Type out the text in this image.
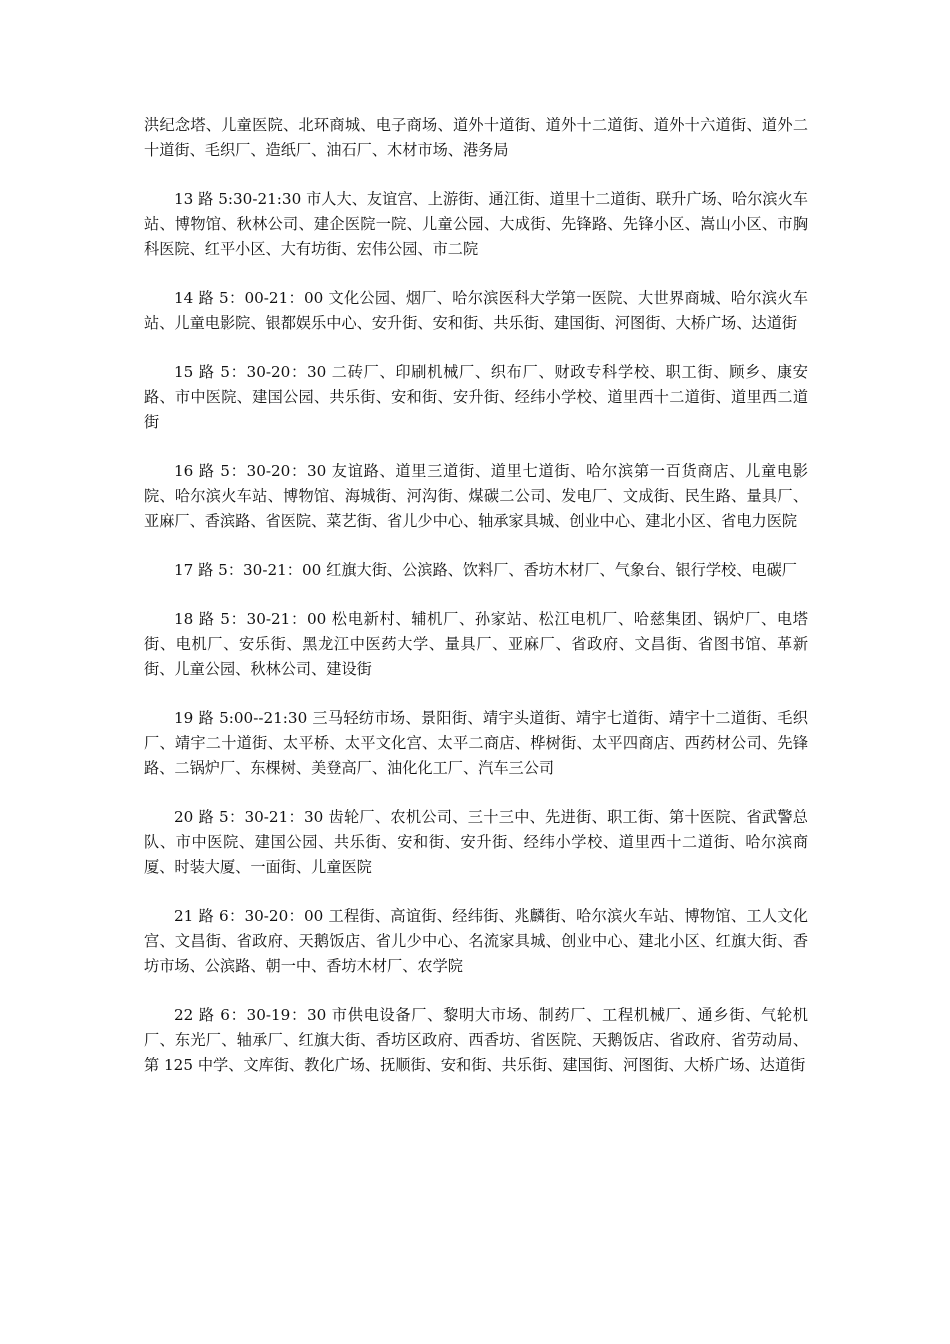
洪纪念塔、儿童医院、北环商城、电子商场、道外十道街、道外十二道街、道外十六道街、道外二十道街、毛织厂、造纸厂、油石厂、木材市场、港务局

13 路 5:30-21:30 市人大、友谊宫、上游街、通江街、道里十二道街、联升广场、哈尔滨火车站、博物馆、秋林公司、建企医院一院、儿童公园、大成街、先锋路、先锋小区、嵩山小区、市胸科医院、红平小区、大有坊街、宏伟公园、市二院

14 路 5：00-21：00 文化公园、烟厂、哈尔滨医科大学第一医院、大世界商城、哈尔滨火车站、儿童电影院、银都娱乐中心、安升街、安和街、共乐街、建国街、河图街、大桥广场、达道街

15 路 5：30-20：30 二砖厂、印刷机械厂、织布厂、财政专科学校、职工街、顾乡、康安路、市中医院、建国公园、共乐街、安和街、安升街、经纬小学校、道里西十二道街、道里西二道街

16 路 5：30-20：30 友谊路、道里三道街、道里七道街、哈尔滨第一百货商店、儿童电影院、哈尔滨火车站、博物馆、海城街、河沟街、煤碳二公司、发电厂、文成街、民生路、量具厂、亚麻厂、香滨路、省医院、菜艺街、省儿少中心、轴承家具城、创业中心、建北小区、省电力医院

17 路 5：30-21：00 红旗大街、公滨路、饮料厂、香坊木材厂、气象台、银行学校、电碳厂

18 路 5：30-21：00 松电新村、辅机厂、孙家站、松江电机厂、哈慈集团、锅炉厂、电塔街、电机厂、安乐街、黑龙江中医药大学、量具厂、亚麻厂、省政府、文昌街、省图书馆、革新街、儿童公园、秋林公司、建设街

19 路 5:00--21:30 三马轻纺市场、景阳街、靖宇头道街、靖宇七道街、靖宇十二道街、毛织厂、靖宇二十道街、太平桥、太平文化宫、太平二商店、桦树街、太平四商店、西药材公司、先锋路、二锅炉厂、东棵树、美登高厂、油化化工厂、汽车三公司

20 路 5：30-21：30 齿轮厂、农机公司、三十三中、先进街、职工街、第十医院、省武警总队、市中医院、建国公园、共乐街、安和街、安升街、经纬小学校、道里西十二道街、哈尔滨商厦、时装大厦、一面街、儿童医院

21 路 6：30-20：00 工程街、高谊街、经纬街、兆麟街、哈尔滨火车站、博物馆、工人文化宫、文昌街、省政府、天鹅饭店、省儿少中心、名流家具城、创业中心、建北小区、红旗大街、香坊市场、公滨路、朝一中、香坊木材厂、农学院

22 路 6：30-19：30 市供电设备厂、黎明大市场、制药厂、工程机械厂、通乡街、气轮机厂、东光厂、轴承厂、红旗大街、香坊区政府、西香坊、省医院、天鹅饭店、省政府、省劳动局、第 125 中学、文库街、教化广场、抚顺街、安和街、共乐街、建国街、河图街、大桥广场、达道街
